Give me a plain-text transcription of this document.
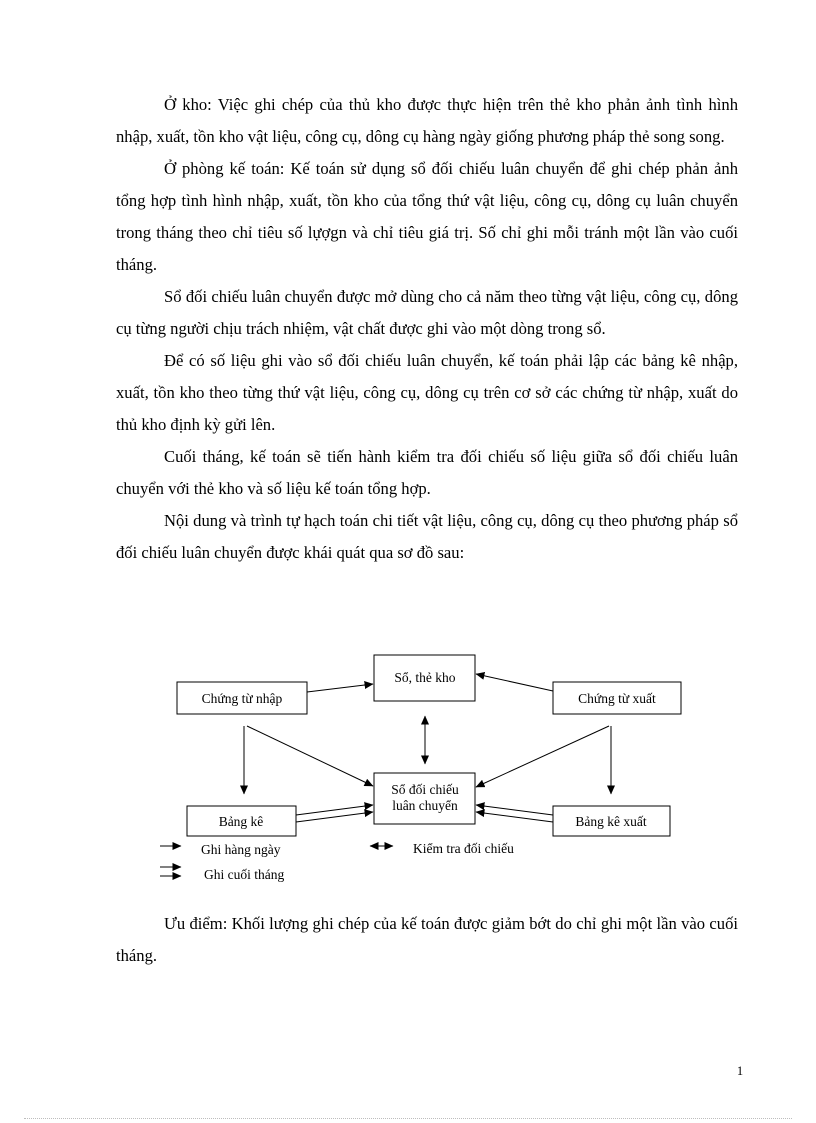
Ở kho: Việc ghi chép của thủ kho được thực hiện trên thẻ kho phản ảnh tình hình nhập, xuất, tồn kho vật liệu, công cụ, dông cụ hàng ngày giống phương pháp thẻ song song.

Ở phòng kế toán: Kế toán sử dụng sổ đối chiếu luân chuyển để ghi chép phản ảnh tổng hợp tình hình nhập, xuất, tồn kho của tổng thứ vật liệu, công cụ, dông cụ luân chuyển trong tháng theo chỉ tiêu số lựợgn và chỉ tiêu giá trị. Số chỉ ghi mỗi tránh một lần vào cuối tháng.

Sổ đối chiếu luân chuyển được mở dùng cho cả năm theo từng vật liệu, công cụ, dông cụ từng người chịu trách nhiệm, vật chất được ghi vào một dòng trong sổ.

Để có số liệu ghi vào sổ đối chiếu luân chuyển, kế toán phải lập các bảng kê nhập, xuất, tồn kho theo từng thứ vật liệu, công cụ, dông cụ trên cơ sở các chứng từ nhập, xuất do thủ kho định kỳ gửi lên.

Cuối tháng, kế toán sẽ tiến hành kiểm tra đối chiếu số liệu giữa sổ đối chiếu luân chuyển với thẻ kho và số liệu kế toán tổng hợp.

Nội dung và trình tự hạch toán chi tiết vật liệu, công cụ, dông cụ theo phương pháp sổ đối chiếu luân chuyển được khái quát qua sơ đồ sau:

Sổ, thẻ kho
Chứng từ nhập	Chứng từ xuất
Sổ đối chiếu
luân chuyển
Bảng kê	Bảng kê xuất
Ghi hàng ngày	Kiểm tra đối chiếu
Ghi cuối tháng

Ưu điểm: Khối lượng ghi chép của kế toán được giảm bớt do chỉ ghi một lần vào cuối tháng.

1
